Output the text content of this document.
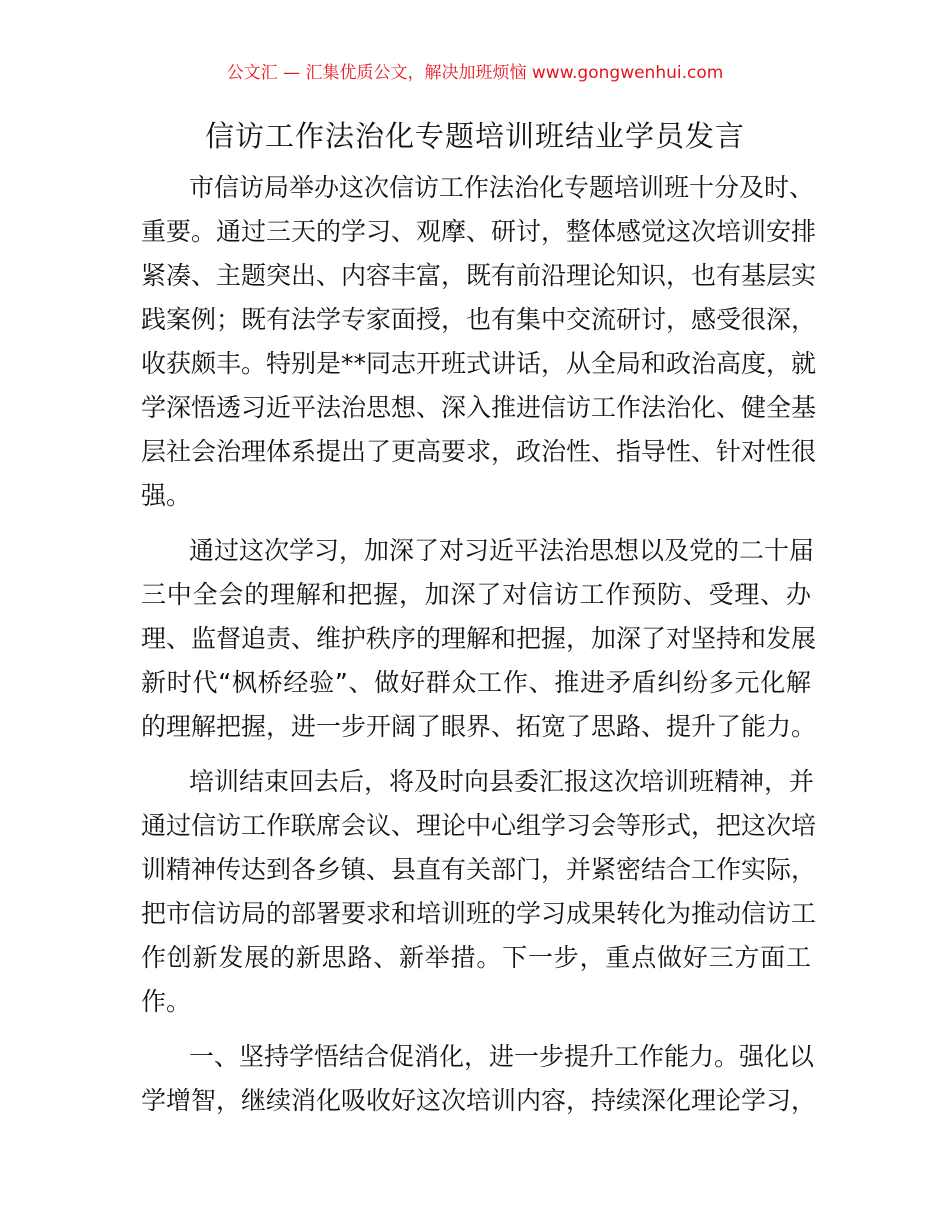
公文汇 — 汇集优质公文，解决加班烦恼 www.gongwenhui.com
信访工作法治化专题培训班结业学员发言
市信访局举办这次信访工作法治化专题培训班十分及时、
重要。通过三天的学习、观摩、研讨，整体感觉这次培训安排
紧凑、主题突出、内容丰富，既有前沿理论知识，也有基层实
践案例；既有法学专家面授，也有集中交流研讨，感受很深，
收获颇丰。特别是**同志开班式讲话，从全局和政治高度，就
学深悟透习近平法治思想、深入推进信访工作法治化、健全基
层社会治理体系提出了更高要求，政治性、指导性、针对性很
强。
通过这次学习，加深了对习近平法治思想以及党的二十届
三中全会的理解和把握，加深了对信访工作预防、受理、办
理、监督追责、维护秩序的理解和把握，加深了对坚持和发展
新时代“枫桥经验”、做好群众工作、推进矛盾纠纷多元化解
的理解把握，进一步开阔了眼界、拓宽了思路、提升了能力。
培训结束回去后，将及时向县委汇报这次培训班精神，并
通过信访工作联席会议、理论中心组学习会等形式，把这次培
训精神传达到各乡镇、县直有关部门，并紧密结合工作实际，
把市信访局的部署要求和培训班的学习成果转化为推动信访工
作创新发展的新思路、新举措。下一步，重点做好三方面工
作。
一、坚持学悟结合促消化，进一步提升工作能力。强化以
学增智，继续消化吸收好这次培训内容，持续深化理论学习，
